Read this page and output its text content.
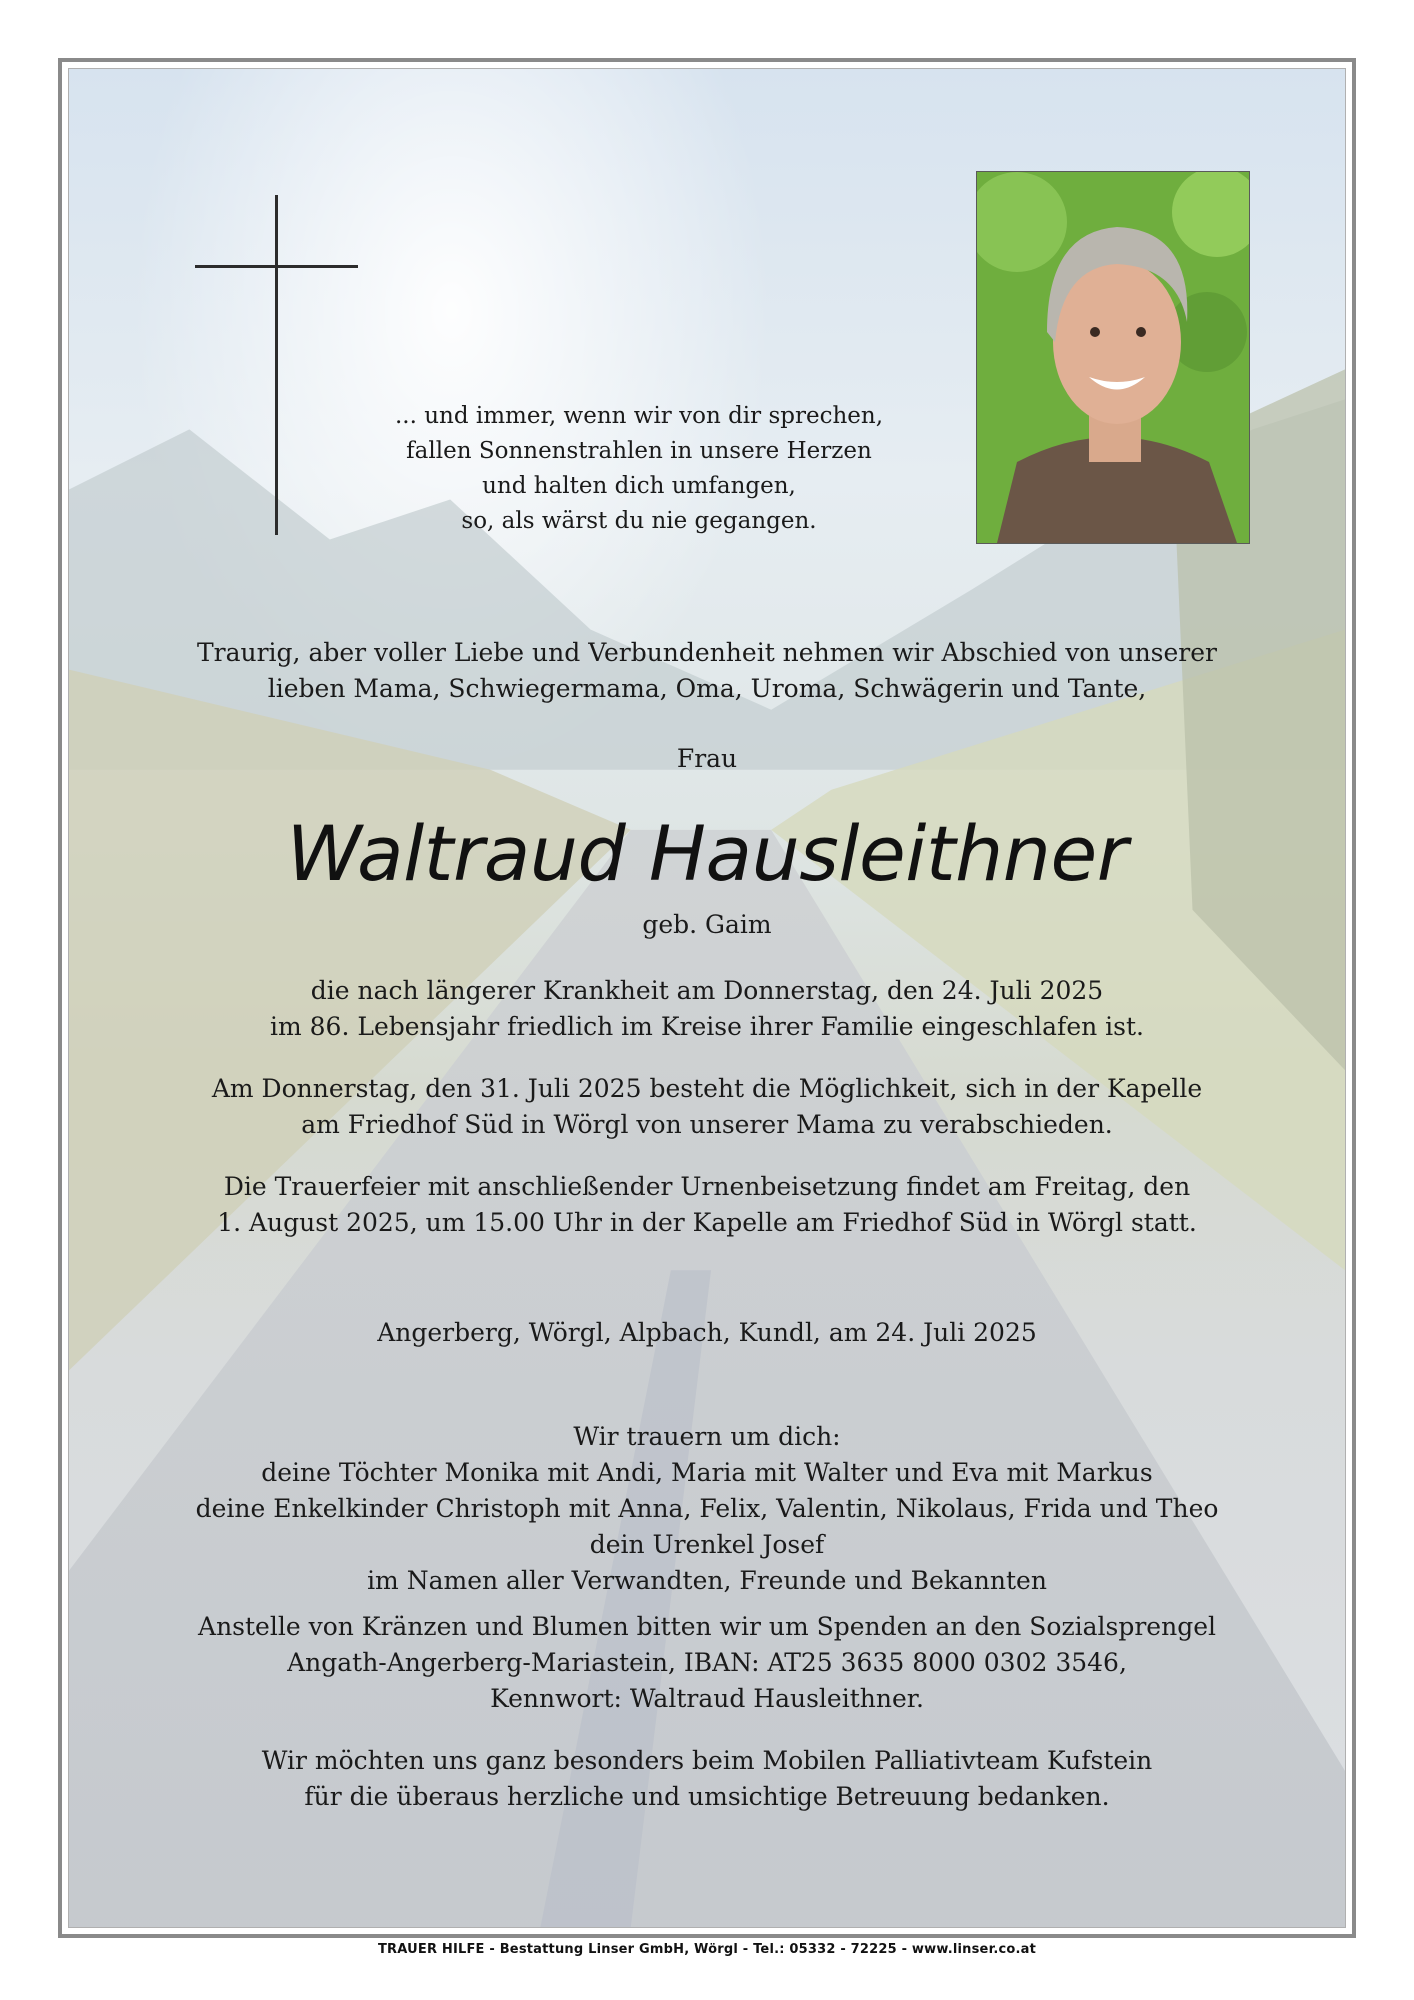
... und immer, wenn wir von dir sprechen,
fallen Sonnenstrahlen in unsere Herzen
und halten dich umfangen,
so, als wärst du nie gegangen.
Traurig, aber voller Liebe und Verbundenheit nehmen wir Abschied von unserer
lieben Mama, Schwiegermama, Oma, Uroma, Schwägerin und Tante,
Frau
Waltraud Hausleithner
geb. Gaim
die nach längerer Krankheit am Donnerstag, den 24. Juli 2025
im 86. Lebensjahr friedlich im Kreise ihrer Familie eingeschlafen ist.
Am Donnerstag, den 31. Juli 2025 besteht die Möglichkeit, sich in der Kapelle
am Friedhof Süd in Wörgl von unserer Mama zu verabschieden.
Die Trauerfeier mit anschließender Urnenbeisetzung findet am Freitag, den
1. August 2025, um 15.00 Uhr in der Kapelle am Friedhof Süd in Wörgl statt.
Angerberg, Wörgl, Alpbach, Kundl, am 24. Juli 2025
Wir trauern um dich:
deine Töchter Monika mit Andi, Maria mit Walter und Eva mit Markus
deine Enkelkinder Christoph mit Anna, Felix, Valentin, Nikolaus, Frida und Theo
dein Urenkel Josef
im Namen aller Verwandten, Freunde und Bekannten
Anstelle von Kränzen und Blumen bitten wir um Spenden an den Sozialsprengel
Angath-Angerberg-Mariastein, IBAN: AT25 3635 8000 0302 3546,
Kennwort: Waltraud Hausleithner.
Wir möchten uns ganz besonders beim Mobilen Palliativteam Kufstein
für die überaus herzliche und umsichtige Betreuung bedanken.
TRAUER HILFE - Bestattung Linser GmbH, Wörgl - Tel.: 05332 - 72225 - www.linser.co.at
